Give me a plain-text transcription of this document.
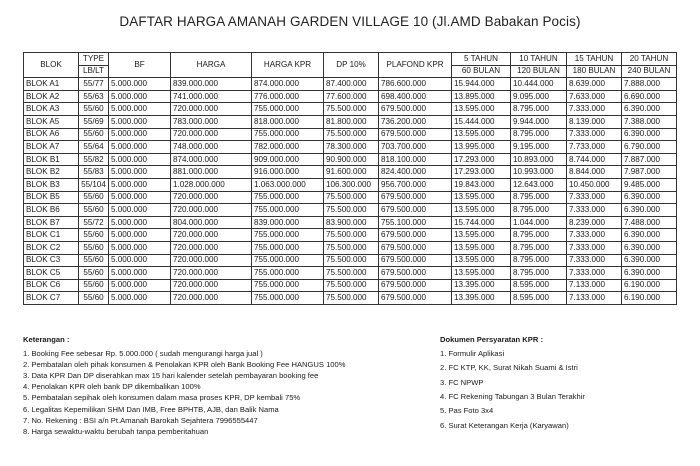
DAFTAR HARGA AMANAH GARDEN VILLAGE 10 (Jl.AMD Babakan Pocis)
BLOK	TYPE	BF	HARGA	HARGA KPR	DP 10%	PLAFOND KPR	5 TAHUN	10 TAHUN	15 TAHUN	20 TAHUN
	LB/LT						60 BULAN	120 BULAN	180 BULAN	240 BULAN
BLOK A1	55/77	5.000.000	839.000.000	874.000.000	87.400.000	786.600.000	15.944.000	10.444.000	8.639.000	7.888.000
BLOK A2	55/63	5.000.000	741.000.000	776.000.000	77.600.000	698.400.000	13.895.000	9.095.000	7.633.000	6.690.000
BLOK A3	55/60	5.000.000	720.000.000	755.000.000	75.500.000	679.500.000	13.595.000	8.795.000	7.333.000	6.390.000
BLOK A5	55/69	5.000.000	783.000.000	818.000.000	81.800.000	736.200.000	15.444.000	9.944.000	8.139.000	7.388.000
BLOK A6	55/60	5.000.000	720.000.000	755.000.000	75.500.000	679.500.000	13.595.000	8.795.000	7.333.000	6.390.000
BLOK A7	55/64	5.000.000	748.000.000	782.000.000	78.300.000	703.700.000	13.995.000	9.195.000	7.733.000	6.790.000
BLOK B1	55/82	5.000.000	874.000.000	909.000.000	90.900.000	818.100.000	17.293.000	10.893.000	8.744.000	7.887.000
BLOK B2	55/83	5.000.000	881.000.000	916.000.000	91.600.000	824.400.000	17.293.000	10.993.000	8.844.000	7.987.000
BLOK B3	55/104	5.000.000	1.028.000.000	1.063.000.000	106.300.000	956.700.000	19.843.000	12.643.000	10.450.000	9.485.000
BLOK B5	55/60	5.000.000	720.000.000	755.000.000	75.500.000	679.500.000	13.595.000	8.795.000	7.333.000	6.390.000
BLOK B6	55/60	5.000.000	720.000.000	755.000.000	75.500.000	679.500.000	13.595.000	8.795.000	7.333.000	6.390.000
BLOK B7	55/72	5.000.000	804.000.000	839.000.000	83.900.000	755.100.000	15.744.000	1.044.000	8.239.000	7.488.000
BLOK C1	55/60	5.000.000	720.000.000	755.000.000	75.500.000	679.500.000	13.595.000	8.795.000	7.333.000	6.390.000
BLOK C2	55/60	5.000.000	720.000.000	755.000.000	75.500.000	679.500.000	13.595.000	8.795.000	7.333.000	6.390.000
BLOK C3	55/60	5.000.000	720.000.000	755.000.000	75.500.000	679.500.000	13.595.000	8.795.000	7.333.000	6.390.000
BLOK C5	55/60	5.000.000	720.000.000	755.000.000	75.500.000	679.500.000	13.595.000	8.795.000	7.333.000	6.390.000
BLOK C6	55/60	5.000.000	720.000.000	755.000.000	75.500.000	679.500.000	13.395.000	8.595.000	7.133.000	6.190.000
BLOK C7	55/60	5.000.000	720.000.000	755.000.000	75.500.000	679.500.000	13.395.000	8.595.000	7.133.000	6.190.000
Keterangan :
1. Booking Fee sebesar Rp. 5.000.000 ( sudah mengurangi harga jual )
2. Pembatalan oleh pihak konsumen & Penolakan KPR oleh Bank Booking Fee HANGUS 100%
3. Data KPR Dan DP diserahkan max 15 hari kalender setelah pembayaran booking fee
4. Penolakan KPR oleh bank DP dikembalikan 100%
5. Pembatalan sepihak oleh konsumen dalam masa proses KPR, DP kembali 75%
6. Legalitas Kepemilikan SHM Dan IMB, Free BPHTB, AJB, dan Balik Nama
7. No. Rekening : BSI a/n Pt.Amanah Barokah Sejahtera 7996555447
8. Harga sewaktu-waktu berubah tanpa pemberitahuan
Dokumen Persyaratan KPR :
1. Formulir Aplikasi
2. FC KTP, KK, Surat Nikah Suami & Istri
3. FC NPWP
4. FC Rekening Tabungan 3 Bulan Terakhir
5. Pas Foto 3x4
6. Surat Keterangan Kerja (Karyawan)
